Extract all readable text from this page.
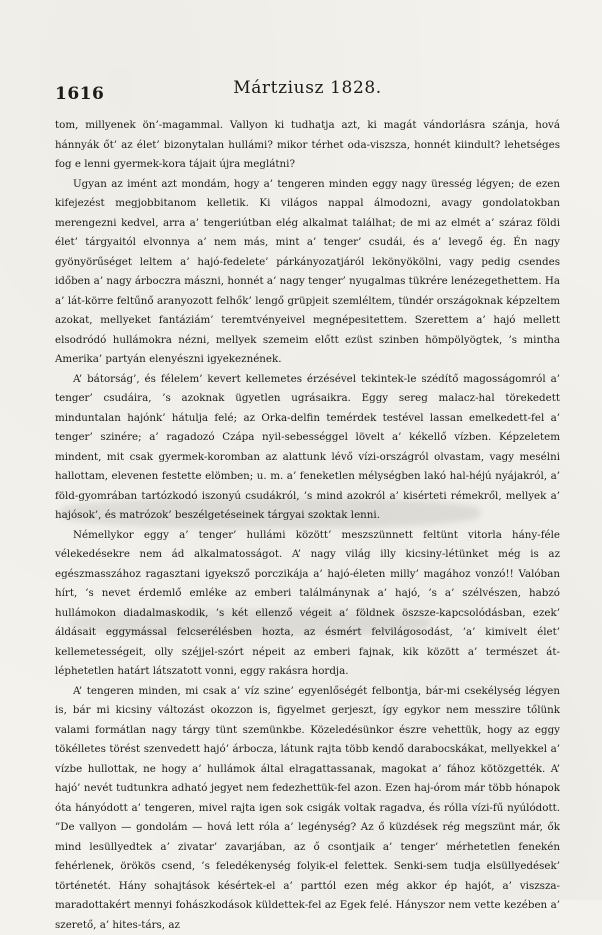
1616	Mártziusz 1828.

tom, millyenek ön’-magammal. Vallyon ki tudhatja azt, ki magát vándorlásra szánja, hová hánnyák őt’ az élet’ bizonytalan hullámi? mikor térhet oda-viszsza, honnét kiindult? lehetséges fog e lenni gyermek-kora tájait újra meglátni?

Ugyan az imént azt mondám, hogy a’ tengeren minden eggy nagy üresség légyen; de ezen kifejezést megjobbitanom kelletik. Ki világos nappal álmodozni, avagy gondolatokban merengezni kedvel, arra a’ tengeriútban elég alkalmat találhat; de mi az elmét a’ száraz földi élet’ tárgyaitól elvonnya a’ nem más, mint a’ tenger’ csudái, és a’ levegő ég. Én nagy gyönyörűséget leltem a’ hajó-fedelete’ párkányozatjáról lekönyökölni, vagy pedig csendes időben a’ nagy árboczra mászni, honnét a’ nagy tenger’ nyugalmas tükrére lenézegethettem. Ha a’ lát-körre feltűnő aranyozott felhők’ lengő grüpjeit szemléltem, tündér országoknak képzeltem azokat, mellyeket fantáziám’ teremtvényeivel megnépesitettem. Szerettem a’ hajó mellett elsodródó hullámokra nézni, mellyek szemeim előtt ezüst szinben hömpölyögtek, ’s mintha Amerika’ partyán elenyészni igyekeznének.

A’ bátorság’, és félelem’ kevert kellemetes érzésével tekintek-le szédítő magosságomról a’ tenger’ csudáira, ’s azoknak ügyetlen ugrásaikra. Eggy sereg malacz-hal törekedett minduntalan hajónk’ hátulja felé; az Orka-delfin temérdek testével lassan emelkedett-fel a’ tenger’ szinére; a’ ragadozó Czápa nyil-sebességgel lövelt a’ kékellő vízben. Képzeletem mindent, mit csak gyermek-koromban az alattunk lévő vízi-országról olvastam, vagy mesélni hallottam, elevenen festette elömben; u. m. a’ feneketlen mélységben lakó hal-héjú nyájakról, a’ föld-gyomrában tartózkodó iszonyú csudákról, ’s mind azokról a’ kisérteti rémekről, mellyek a’ hajósok’, és matrózok’ beszélgetéseinek tárgyai szoktak lenni.

Némellykor eggy a’ tenger’ hullámi között’ meszszünnett feltünt vitorla hány-féle vélekedésekre nem ád alkalmatosságot. A’ nagy világ illy kicsiny-létünket még is az egészmasszához ragasztani igyeksző porczikája a’ hajó-életen milly’ magához vonzó!! Valóban hírt, ’s nevet érdemlő emléke az emberi találmánynak a’ hajó, ’s a’ szélvészen, habzó hullámokon diadalmaskodik, ’s két ellenző végeit a’ földnek öszsze-kapcsolódásban, ezek’ áldásait eggymással felcserélésben hozta, az ésmért felvilágosodást, ’a’ kimivelt élet’ kellemetességeit, olly széjjel-szórt népeit az emberi fajnak, kik között a’ természet át-léphetetlen határt látszatott vonni, eggy rakásra hordja.

A’ tengeren minden, mi csak a’ víz szine’ egyenlőségét felbontja, bár-mi csekélység légyen is, bár mi kicsiny változást okozzon is, figyelmet gerjeszt, így egykor nem messzire tőlünk valami formátlan nagy tárgy tünt szemünkbe. Közeledésünkor észre vehettük, hogy az eggy tökélletes törést szenvedett hajó’ árbocza, látunk rajta több kendő darabocskákat, mellyekkel a’ vízbe hullottak, ne hogy a’ hullámok által elragattassanak, magokat a’ fához kötözgették. A’ hajó’ nevét tudtunkra adható jegyet nem fedezhettük-fel azon. Ezen haj-órom már több hónapok óta hányódott a’ tengeren, mivel rajta igen sok csigák voltak ragadva, és rólla vízi-fű nyúlódott. ”De vallyon — gondolám — hová lett róla a’ legénység? Az ő küzdések rég megszünt már, ők mind lesüllyedtek a’ zivatar’ zavarjában, az ő csontjaik a’ tenger’ mérhetetlen fenekén fehérlenek, örökös csend, ’s feledékenység folyik-el felettek. Senki-sem tudja elsüllyedések’ történetét. Hány sohajtások késértek-el a’ parttól ezen még akkor ép hajót, a’ viszsza-maradottakért mennyi fohászkodások küldettek-fel az Egek felé. Hányszor nem vette kezében a’ szerető, a’ hites-társ, az
